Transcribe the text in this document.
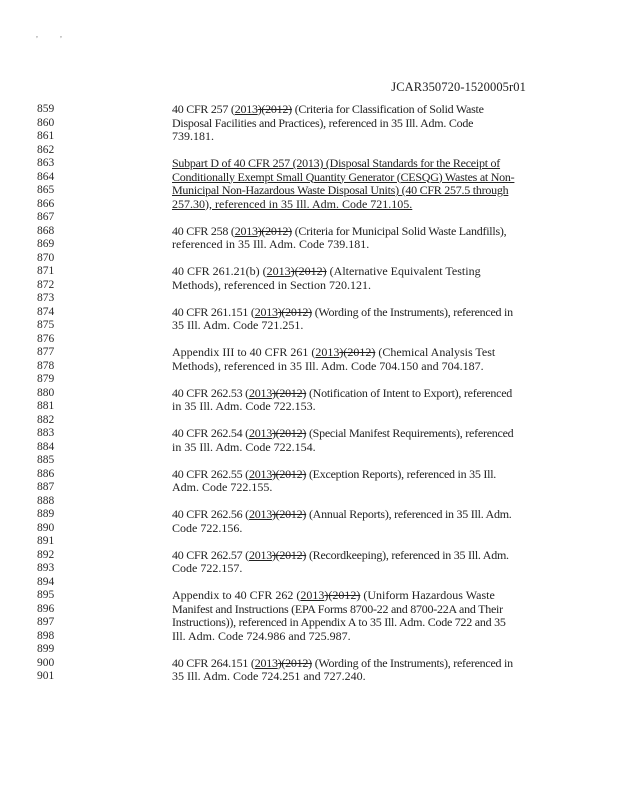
, ,
JCAR350720-1520005r01
859	40 CFR 257 (2013)(2012) (Criteria for Classification of Solid Waste
860	Disposal Facilities and Practices), referenced in 35 Ill. Adm. Code
861	739.181.
862
863	Subpart D of 40 CFR 257 (2013) (Disposal Standards for the Receipt of
864	Conditionally Exempt Small Quantity Generator (CESQG) Wastes at Non-
865	Municipal Non-Hazardous Waste Disposal Units) (40 CFR 257.5 through
866	257.30), referenced in 35 Ill. Adm. Code 721.105.
867
868	40 CFR 258 (2013)(2012) (Criteria for Municipal Solid Waste Landfills),
869	referenced in 35 Ill. Adm. Code 739.181.
870
871	40 CFR 261.21(b) (2013)(2012) (Alternative Equivalent Testing
872	Methods), referenced in Section 720.121.
873
874	40 CFR 261.151 (2013)(2012) (Wording of the Instruments), referenced in
875	35 Ill. Adm. Code 721.251.
876
877	Appendix III to 40 CFR 261 (2013)(2012) (Chemical Analysis Test
878	Methods), referenced in 35 Ill. Adm. Code 704.150 and 704.187.
879
880	40 CFR 262.53 (2013)(2012) (Notification of Intent to Export), referenced
881	in 35 Ill. Adm. Code 722.153.
882
883	40 CFR 262.54 (2013)(2012) (Special Manifest Requirements), referenced
884	in 35 Ill. Adm. Code 722.154.
885
886	40 CFR 262.55 (2013)(2012) (Exception Reports), referenced in 35 Ill.
887	Adm. Code 722.155.
888
889	40 CFR 262.56 (2013)(2012) (Annual Reports), referenced in 35 Ill. Adm.
890	Code 722.156.
891
892	40 CFR 262.57 (2013)(2012) (Recordkeeping), referenced in 35 Ill. Adm.
893	Code 722.157.
894
895	Appendix to 40 CFR 262 (2013)(2012) (Uniform Hazardous Waste
896	Manifest and Instructions (EPA Forms 8700-22 and 8700-22A and Their
897	Instructions)), referenced in Appendix A to 35 Ill. Adm. Code 722 and 35
898	Ill. Adm. Code 724.986 and 725.987.
899
900	40 CFR 264.151 (2013)(2012) (Wording of the Instruments), referenced in
901	35 Ill. Adm. Code 724.251 and 727.240.
